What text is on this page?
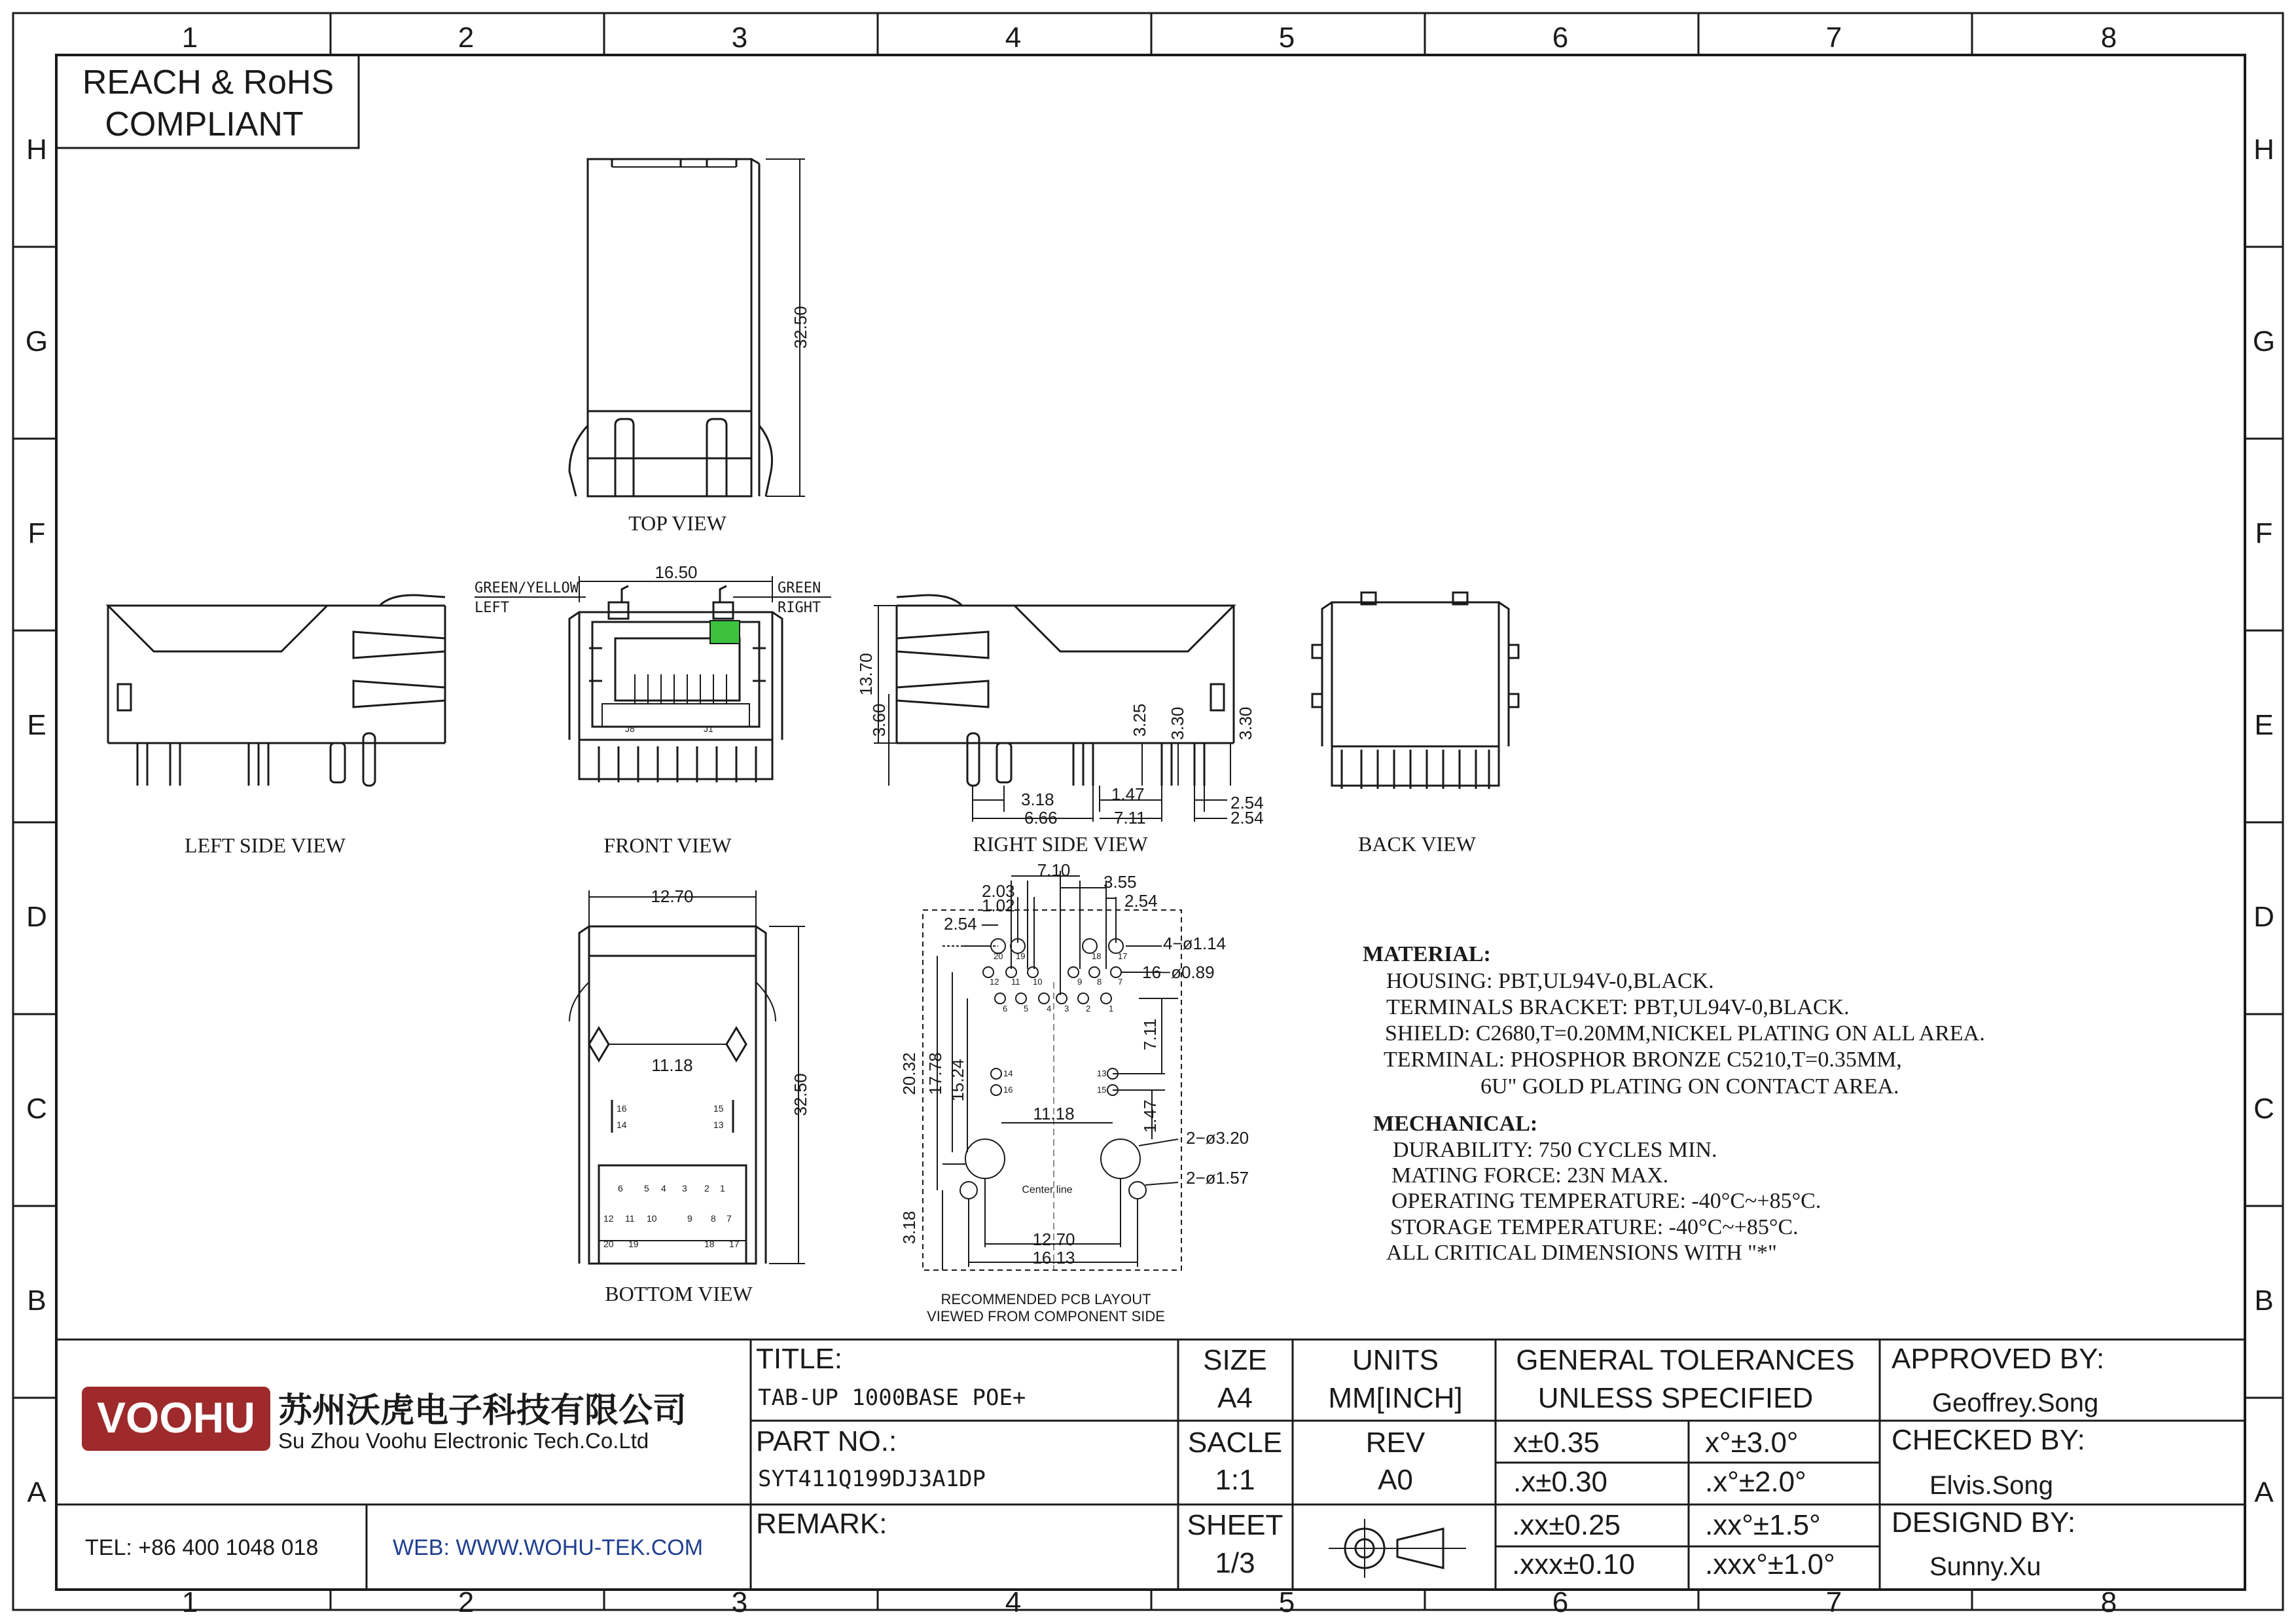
1	2	3	4	5	6	7	8
1	2	3	4	5	6	7	8
H
G
F
E
D
C
B
A
H
G
F
E
D
C
B
A
REACH & RoHS
COMPLIANT
32.50
TOP VIEW
LEFT SIDE VIEW
16.50
GREEN/YELLOW
LEFT
GREEN
RIGHT
J8	J1
FRONT VIEW
13.70
3.60	3.25 3.30	3.30
3.18
6.66
1.47
7.11
2.54
2.54
RIGHT SIDE VIEW	BACK VIEW
12.70
11.18
32.50
16
14
15
13
6 5 4 3 2 1
12 11 10	9 8 7
20 19	18 17
BOTTOM VIEW
7.10
3.55
2.03
1.02	2.54
2.54
4−ø1.14
16−ø0.89
20.32 17.78 15.24
7.11
1.47
11.18
2−ø3.20
2−ø1.57
3.18	12.70
16.13
Center line
20 19	18 17
12 11 10	9 8 7
6 5 4 3 2 1
14
16
13
15
RECOMMENDED PCB LAYOUT
VIEWED FROM COMPONENT SIDE
MATERIAL:
HOUSING: PBT,UL94V-0,BLACK.
TERMINALS BRACKET: PBT,UL94V-0,BLACK.
SHIELD: C2680,T=0.20MM,NICKEL PLATING ON ALL AREA.
TERMINAL: PHOSPHOR BRONZE C5210,T=0.35MM,
6U" GOLD PLATING ON CONTACT AREA.
MECHANICAL:
DURABILITY: 750 CYCLES MIN.
MATING FORCE: 23N MAX.
OPERATING TEMPERATURE: -40°C~+85°C.
STORAGE TEMPERATURE: -40°C~+85°C.
ALL CRITICAL DIMENSIONS WITH "*"
VOOHU 苏州沃虎电子科技有限公司
Su Zhou Voohu Electronic Tech.Co.Ltd
TEL: +86 400 1048 018	WEB: WWW.WOHU-TEK.COM
TITLE:
TAB-UP 1000BASE POE+
PART NO.:
SYT411Q199DJ3A1DP
REMARK:
SIZE
A4
UNITS
MM[INCH]
SACLE
1:1
REV
A0
SHEET
1/3
GENERAL TOLERANCES
UNLESS SPECIFIED
x±0.35	x°±3.0°
.x±0.30	.x°±2.0°
.xx±0.25	.xx°±1.5°
.xxx±0.10 .xxx°±1.0°
APPROVED BY:
Geoffrey.Song
CHECKED BY:
Elvis.Song
DESIGND BY:
Sunny.Xu
